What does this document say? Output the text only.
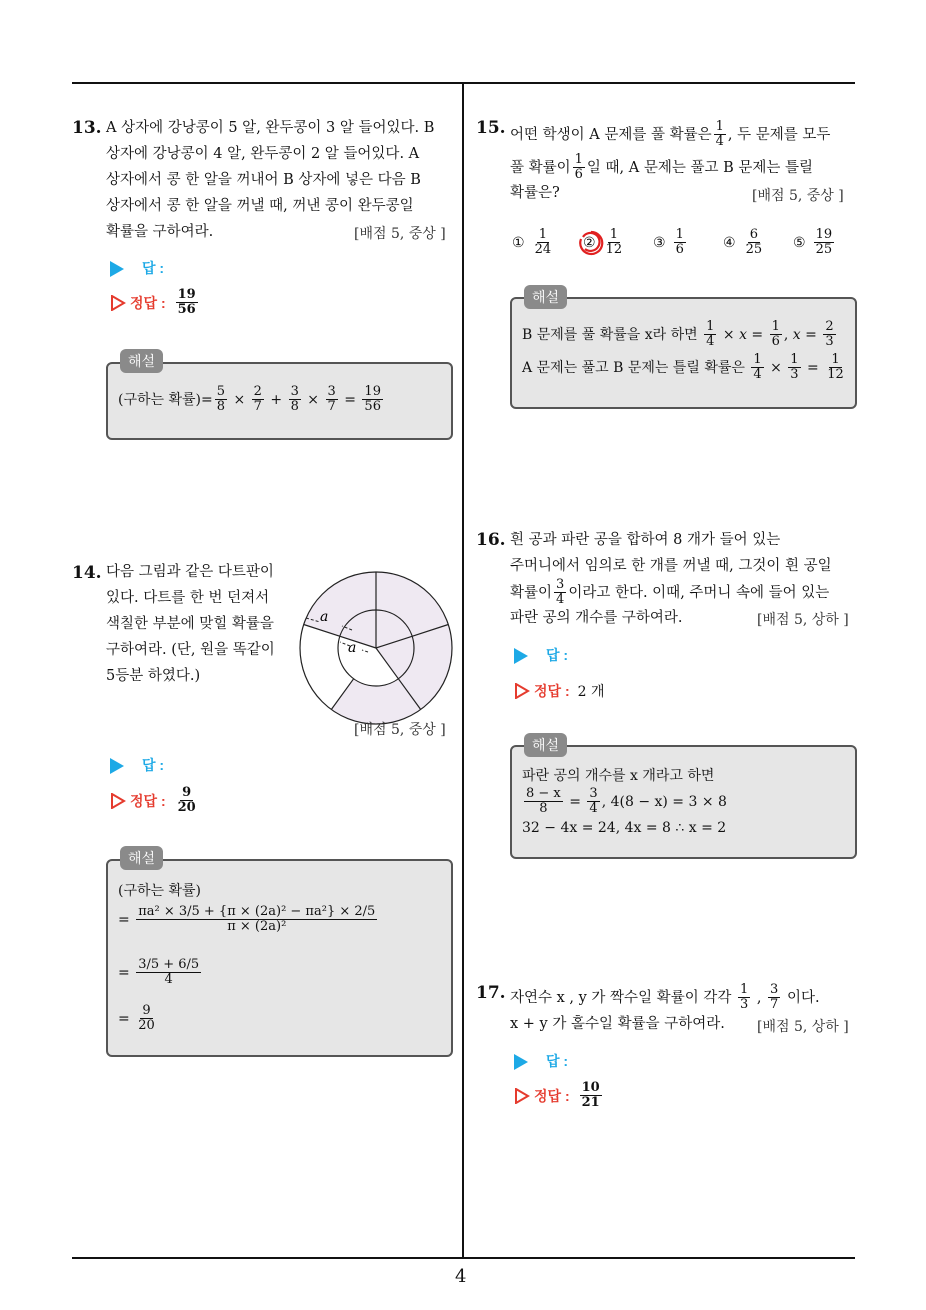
4
13. A 상자에 강낭콩이 5 알, 완두콩이 3 알 들어있다. B
상자에 강낭콩이 4 알, 완두콩이 2 알 들어있다. A
상자에서 콩 한 알을 꺼내어 B 상자에 넣은 다음 B
상자에서 콩 한 알을 꺼낼 때, 꺼낸 콩이 완두콩일
확률을 구하여라.	[배점 5, 중상 ]
답 :
정답 : $\frac{19}{56}$
해설
(구하는 확률)= $\frac{5}{8} \times \frac{2}{7} + \frac{3}{8} \times \frac{3}{7} = \frac{19}{56}$
14. 다음 그림과 같은 다트판이
있다. 다트를 한 번 던져서
색칠한 부분에 맞힐 확률을
구하여라. (단, 원을 똑같이
5등분 하였다.)
a
a
[배점 5, 중상 ]
답 :
정답 : $\frac{9}{20}$
해설
(구하는 확률)
= $\frac{\text{πa² × 3/5 + \{π × (2a)² − πa²\} × 2/5}}{\text{π × (2a)²}}$
= $\frac{3/5 + 6/5}{4}$
= $\frac{9}{20}$
15. 어떤 학생이 A 문제를 풀 확률은 $\frac{1}{4}$ , 두 문제를 모두
풀 확률이 $\frac{1}{6}$ 일 때, A 문제는 풀고 B 문제는 틀릴
확률은?	[배점 5, 중상 ]
① $\frac{1}{24}$ ② $\frac{1}{12}$ ③ $\frac{1}{6}$	④ $\frac{6}{25}$ ⑤ $\frac{19}{25}$
해설
B 문제를 풀 확률을 x라 하면
$\frac{1}{4} \times x = \frac{1}{6}$ , $x = \frac{2}{3}$
A 문제는 풀고 B 문제는 틀릴 확률은
$\frac{1}{4} \times \frac{1}{3} = \frac{1}{12}$
16. 흰 공과 파란 공을 합하여 8 개가 들어 있는
주머니에서 임의로 한 개를 꺼낼 때, 그것이 흰 공일
확률이 $\frac{3}{4}$ 이라고 한다. 이때, 주머니 속에 들어 있는
파란 공의 개수를 구하여라.	[배점 5, 상하 ]
답 :
정답 : 2 개
해설
파란 공의 개수를 x 개라고 하면
$\frac{8 - x}{8} = \frac{3}{4}$ , 4(8 − x) = 3 × 8
32 − 4x = 24, 4x = 8 ∴ x = 2
17. 자연수 x , y 가 짝수일 확률이 각각
$\frac{1}{3}$ , $\frac{3}{7}$
이다.
x + y 가 홀수일 확률을 구하여라. [배점 5, 상하 ]
답 :
정답 : $\frac{10}{21}$
